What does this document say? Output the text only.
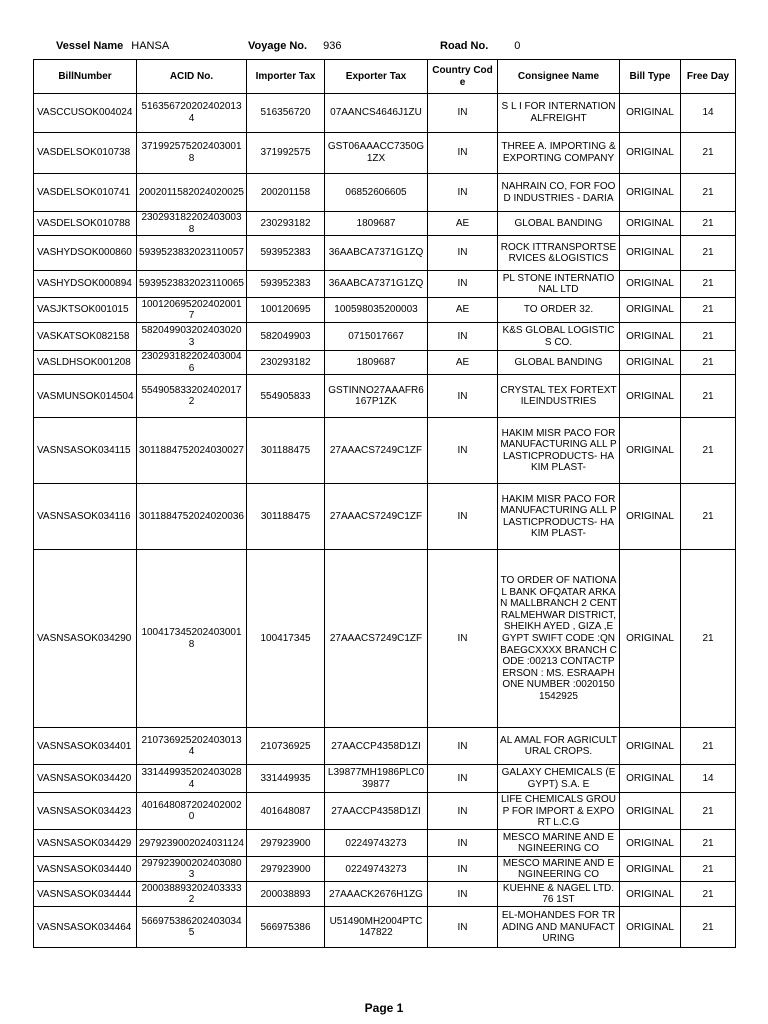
Vessel Name HANSA	Voyage No. 936	Road No. 0
BillNumber	ACID No.	Importer Tax	Exporter Tax	Country Code	Consignee Name	Bill Type	Free Day
VASCCUSOK004024	5163567202024020134	516356720	07AANCS4646J1ZU	IN	S L I FOR INTERNATIONALFREIGHT	ORIGINAL	14
VASDELSOK010738	3719925752024030018	371992575	GST06AAACC7350G1ZX	IN	THREE A. IMPORTING &EXPORTING COMPANY	ORIGINAL	21
VASDELSOK010741	2002011582024020025	200201158	06852606605	IN	NAHRAIN CO, FOR FOOD INDUSTRIES - DARIA	ORIGINAL	21
VASDELSOK010788	2302931822024030038	230293182	1809687	AE	GLOBAL BANDING	ORIGINAL	21
VASHYDSOK000860	5939523832023110057	593952383	36AABCA7371G1ZQ	IN	ROCK ITTRANSPORTSERVICES &LOGISTICS	ORIGINAL	21
VASHYDSOK000894	5939523832023110065	593952383	36AABCA7371G1ZQ	IN	PL STONE INTERNATIONAL LTD	ORIGINAL	21
VASJKTSOK001015	1001206952024020017	100120695	100598035200003	AE	TO ORDER 32.	ORIGINAL	21
VASKATSOK082158	5820499032024030203	582049903	0715017667	IN	K&S GLOBAL LOGISTICS CO.	ORIGINAL	21
VASLDHSOK001208	2302931822024030046	230293182	1809687	AE	GLOBAL BANDING	ORIGINAL	21
VASMUNSOK014504	5549058332024020172	554905833	GSTINNO27AAAFR6167P1ZK	IN	CRYSTAL TEX FORTEXTILEINDUSTRIES	ORIGINAL	21
VASNSASOK034115	3011884752024030027	301188475	27AAACS7249C1ZF	IN	HAKIM MISR PACO FORMANUFACTURING ALL PLASTICPRODUCTS- HAKIM PLAST-	ORIGINAL	21
VASNSASOK034116	3011884752024020036	301188475	27AAACS7249C1ZF	IN	HAKIM MISR PACO FORMANUFACTURING ALL PLASTICPRODUCTS- HAKIM PLAST-	ORIGINAL	21
VASNSASOK034290	1004173452024030018	100417345	27AAACS7249C1ZF	IN	TO ORDER OF NATIONAL BANK OFQATAR ARKAN MALLBRANCH 2 CENTRALMEHWAR DISTRICT,SHEIKH AYED , GIZA ,EGYPT SWIFT CODE :QNBAEGCXXXX BRANCH CODE :00213 CONTACTPERSON : MS. ESRAAPHONE NUMBER :00201501542925	ORIGINAL	21
VASNSASOK034401	2107369252024030134	210736925	27AACCP4358D1ZI	IN	AL AMAL FOR AGRICULTURAL CROPS.	ORIGINAL	21
VASNSASOK034420	3314499352024030284	331449935	L39877MH1986PLC039877	IN	GALAXY CHEMICALS (EGYPT) S.A. E	ORIGINAL	14
VASNSASOK034423	4016480872024020020	401648087	27AACCP4358D1ZI	IN	LIFE CHEMICALS GROUP FOR IMPORT & EXPORT L.C.G	ORIGINAL	21
VASNSASOK034429	2979239002024031124	297923900	02249743273	IN	MESCO MARINE AND ENGINEERING CO	ORIGINAL	21
VASNSASOK034440	2979239002024030803	297923900	02249743273	IN	MESCO MARINE AND ENGINEERING CO	ORIGINAL	21
VASNSASOK034444	2000388932024033332	200038893	27AAACK2676H1ZG	IN	KUEHNE & NAGEL LTD. 76 1ST	ORIGINAL	21
VASNSASOK034464	5669753862024030345	566975386	U51490MH2004PTC147822	IN	EL-MOHANDES FOR TRADING AND MANUFACTURING	ORIGINAL	21
Page 1
